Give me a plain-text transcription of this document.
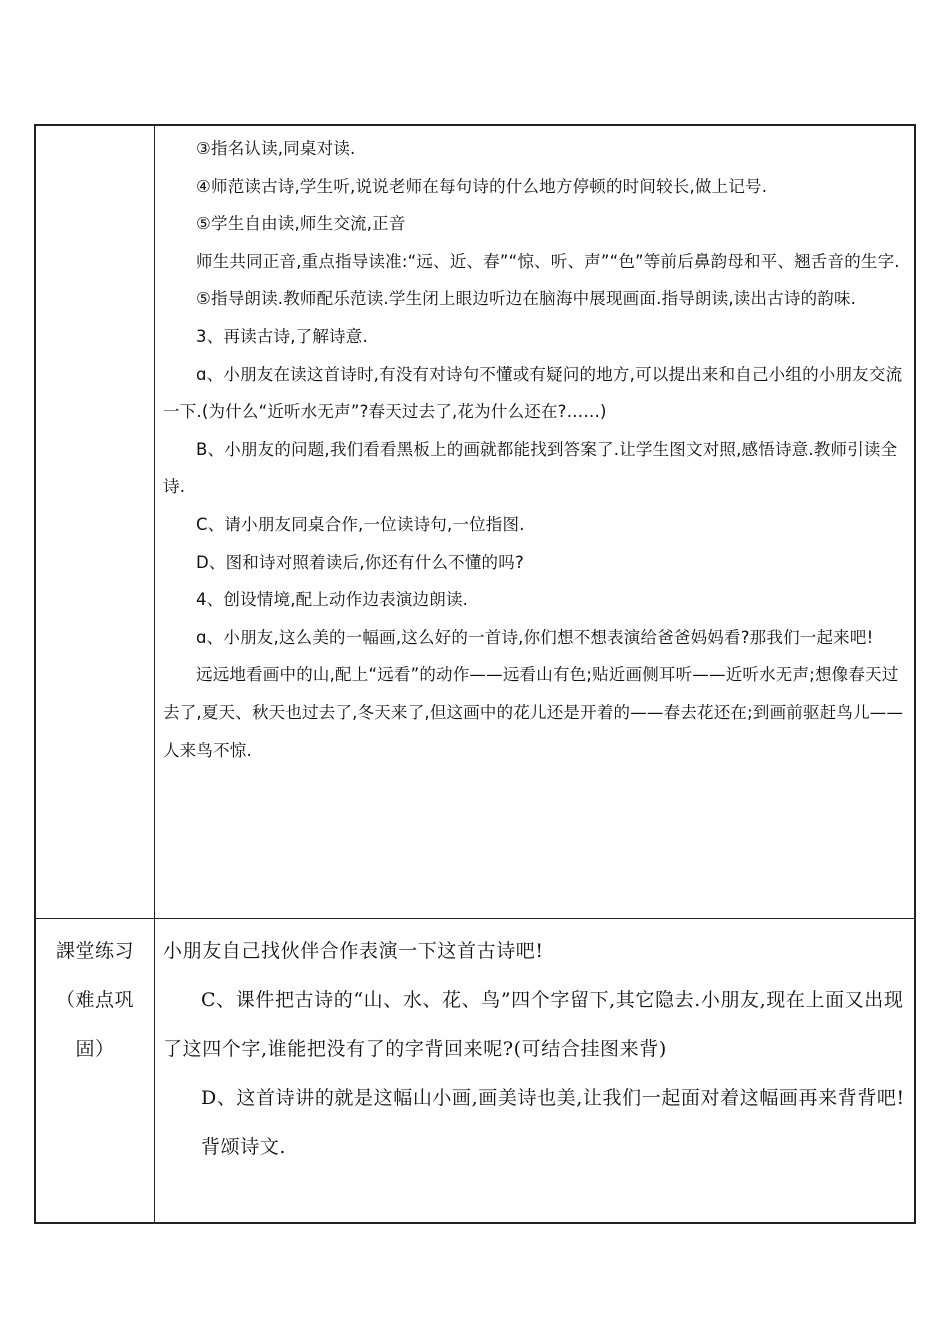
③指名认读,同桌对读.

④师范读古诗,学生听,说说老师在每句诗的什么地方停顿的时间较长,做上记号.

⑤学生自由读,师生交流,正音

师生共同正音,重点指导读准:“远、近、春”“惊、听、声”“色”等前后鼻韵母和平、翘舌音的生字.

⑤指导朗读.教师配乐范读.学生闭上眼边听边在脑海中展现画面.指导朗读,读出古诗的韵味.

3、再读古诗,了解诗意.

ɑ、小朋友在读这首诗时,有没有对诗句不懂或有疑问的地方,可以提出来和自己小组的小朋友交流一下.(为什么“近听水无声”?春天过去了,花为什么还在?……)

B、小朋友的问题,我们看看黑板上的画就都能找到答案了.让学生图文对照,感悟诗意.教师引读全诗.

C、请小朋友同桌合作,一位读诗句,一位指图.

D、图和诗对照着读后,你还有什么不懂的吗?

4、创设情境,配上动作边表演边朗读.

ɑ、小朋友,这么美的一幅画,这么好的一首诗,你们想不想表演给爸爸妈妈看?那我们一起来吧!

远远地看画中的山,配上“远看”的动作——远看山有色;贴近画侧耳听——近听水无声;想像春天过去了,夏天、秋天也过去了,冬天来了,但这画中的花儿还是开着的——春去花还在;到画前驱赶鸟儿——人来鸟不惊.

課堂练习
（难点巩
固）

小朋友自己找伙伴合作表演一下这首古诗吧!

C、课件把古诗的“山、水、花、鸟”四个字留下,其它隐去.小朋友,现在上面又出现了这四个字,谁能把没有了的字背回来呢?(可结合挂图来背)

D、这首诗讲的就是这幅山小画,画美诗也美,让我们一起面对着这幅画再来背背吧!

背颂诗文.
